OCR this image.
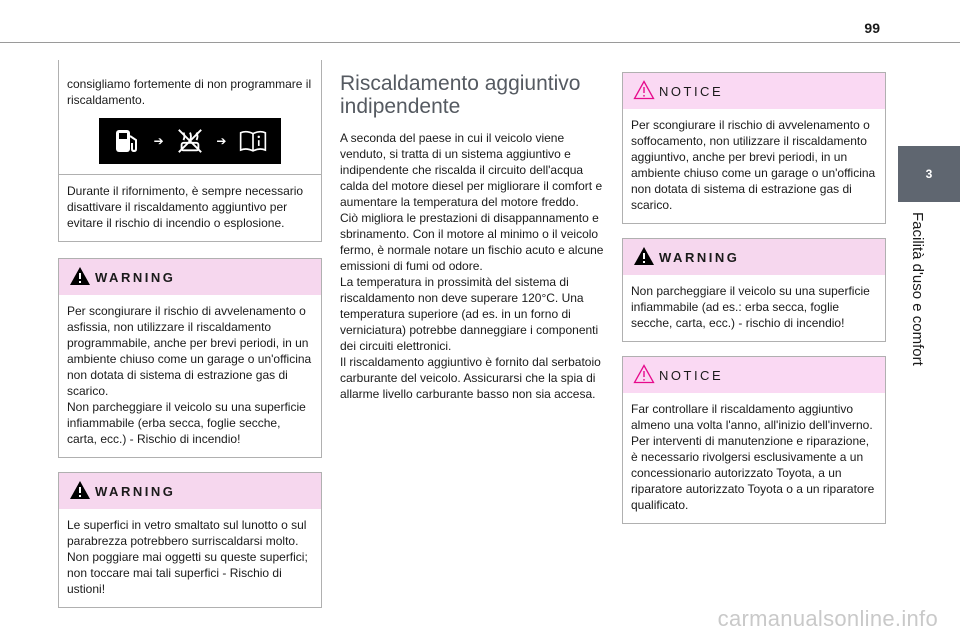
99
3
Facilità d'uso e comfort
consigliamo fortemente di non programmare il riscaldamento.
➔	➔
Durante il rifornimento, è sempre necessario disattivare il riscaldamento aggiuntivo per evitare il rischio di incendio o esplosione.
WARNING
Per scongiurare il rischio di avvelenamento o asfissia, non utilizzare il riscaldamento programmabile, anche per brevi periodi, in un ambiente chiuso come un garage o un'officina non dotata di sistema di estrazione gas di scarico.
Non parcheggiare il veicolo su una superficie infiammabile (erba secca, foglie secche, carta, ecc.) - Rischio di incendio!
WARNING
Le superfici in vetro smaltato sul lunotto o sul parabrezza potrebbero surriscaldarsi molto. Non poggiare mai oggetti su queste superfici; non toccare mai tali superfici - Rischio di ustioni!
Riscaldamento aggiuntivo indipendente
A seconda del paese in cui il veicolo viene venduto, si tratta di un sistema aggiuntivo e indipendente che riscalda il circuito dell'acqua calda del motore diesel per migliorare il comfort e aumentare la temperatura del motore freddo.
Ciò migliora le prestazioni di disappannamento e sbrinamento. Con il motore al minimo o il veicolo fermo, è normale notare un fischio acuto e alcune emissioni di fumi od odore.
La temperatura in prossimità del sistema di riscaldamento non deve superare 120°C. Una temperatura superiore (ad es. in un forno di verniciatura) potrebbe danneggiare i componenti dei circuiti elettronici.
Il riscaldamento aggiuntivo è fornito dal serbatoio carburante del veicolo. Assicurarsi che la spia di allarme livello carburante basso non sia accesa.
NOTICE
Per scongiurare il rischio di avvelenamento o soffocamento, non utilizzare il riscaldamento aggiuntivo, anche per brevi periodi, in un ambiente chiuso come un garage o un'officina non dotata di sistema di estrazione gas di scarico.
WARNING
Non parcheggiare il veicolo su una superficie infiammabile (ad es.: erba secca, foglie secche, carta, ecc.) - rischio di incendio!
NOTICE
Far controllare il riscaldamento aggiuntivo almeno una volta l'anno, all'inizio dell'inverno.
Per interventi di manutenzione e riparazione, è necessario rivolgersi esclusivamente a un concessionario autorizzato Toyota, a un riparatore autorizzato Toyota o a un riparatore qualificato.
carmanualsonline.info
